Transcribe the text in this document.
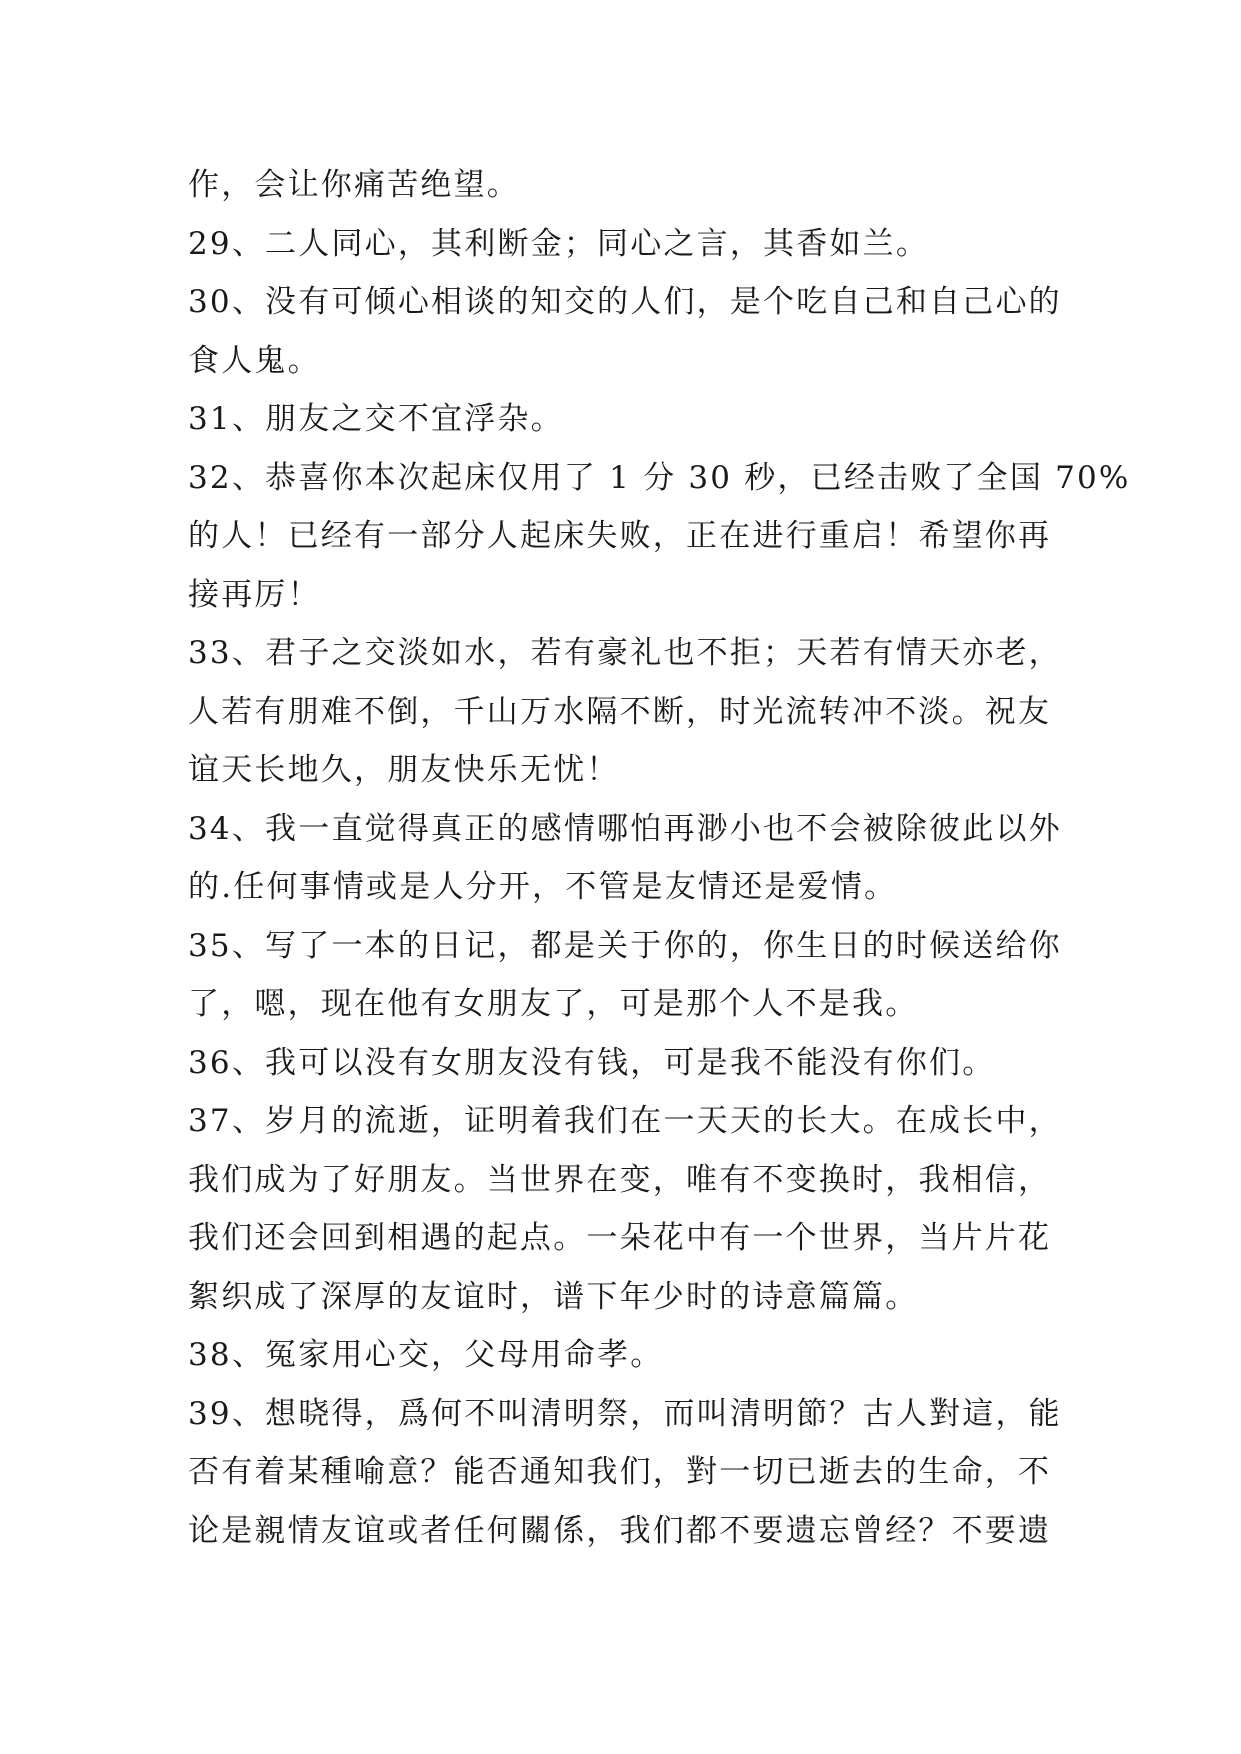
作，会让你痛苦绝望。
29、二人同心，其利断金；同心之言，其香如兰。
30、没有可倾心相谈的知交的人们，是个吃自己和自己心的
食人鬼。
31、朋友之交不宜浮杂。
32、恭喜你本次起床仅用了 1 分 30 秒，已经击败了全国 70%
的人！已经有一部分人起床失败，正在进行重启！希望你再
接再厉！
33、君子之交淡如水，若有豪礼也不拒；天若有情天亦老，
人若有朋难不倒，千山万水隔不断，时光流转冲不淡。祝友
谊天长地久，朋友快乐无忧！
34、我一直觉得真正的感情哪怕再渺小也不会被除彼此以外
的.任何事情或是人分开，不管是友情还是爱情。
35、写了一本的日记，都是关于你的，你生日的时候送给你
了，嗯，现在他有女朋友了，可是那个人不是我。
36、我可以没有女朋友没有钱，可是我不能没有你们。
37、岁月的流逝，证明着我们在一天天的长大。在成长中，
我们成为了好朋友。当世界在变，唯有不变换时，我相信，
我们还会回到相遇的起点。一朵花中有一个世界，当片片花
絮织成了深厚的友谊时，谱下年少时的诗意篇篇。
38、冤家用心交，父母用命孝。
39、想晓得，爲何不叫清明祭，而叫清明節？古人對這，能
否有着某種喻意？能否通知我们，對一切已逝去的生命，不
论是親情友谊或者任何關係，我们都不要遗忘曾经？不要遗
